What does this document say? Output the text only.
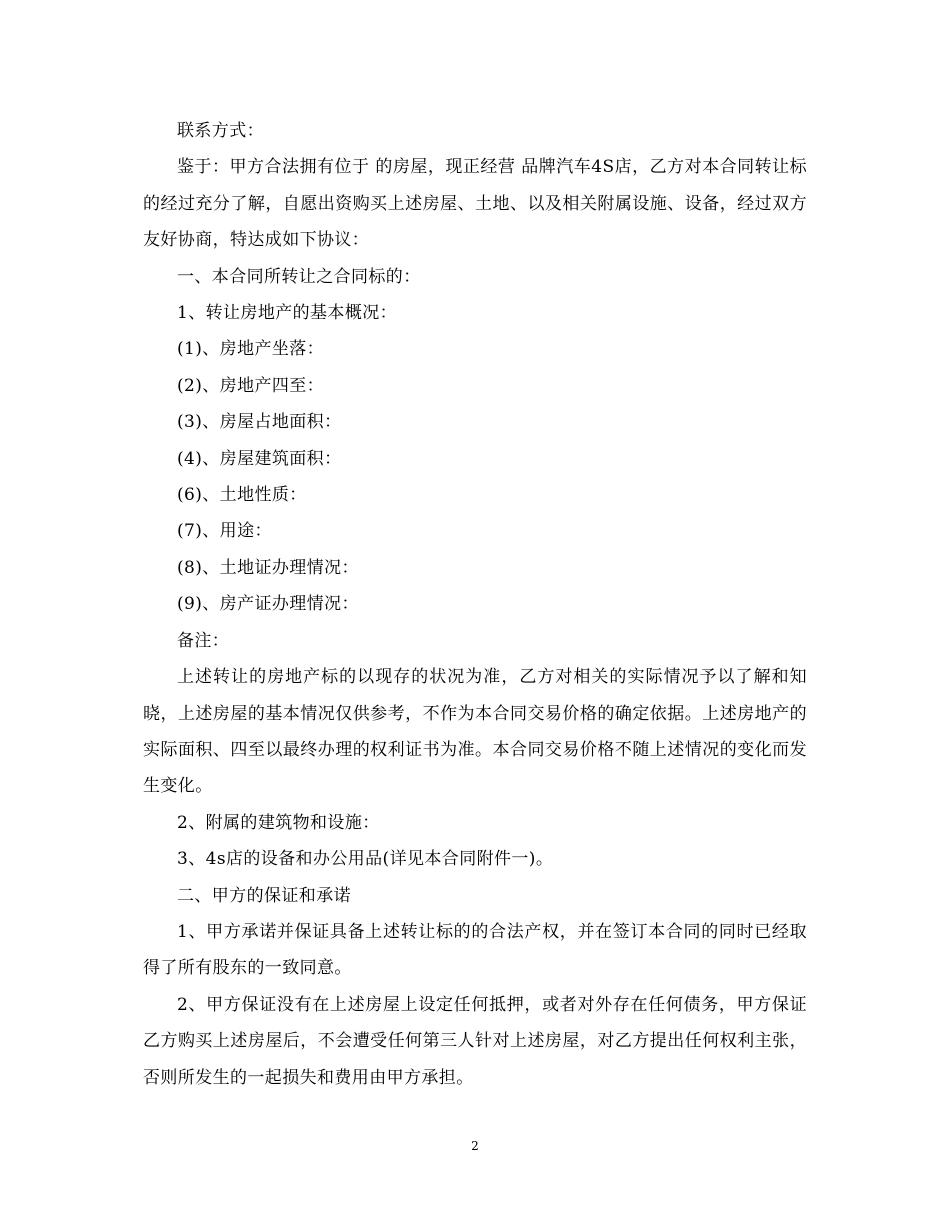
联系方式：

鉴于：甲方合法拥有位于 的房屋，现正经营 品牌汽车4S店，乙方对本合同转让标的经过充分了解，自愿出资购买上述房屋、土地、以及相关附属设施、设备，经过双方友好协商，特达成如下协议：

一、本合同所转让之合同标的：

1、转让房地产的基本概况：

(1)、房地产坐落：

(2)、房地产四至：

(3)、房屋占地面积：

(4)、房屋建筑面积：

(6)、土地性质：

(7)、用途：

(8)、土地证办理情况：

(9)、房产证办理情况：

备注：

上述转让的房地产标的以现存的状况为准，乙方对相关的实际情况予以了解和知晓，上述房屋的基本情况仅供参考，不作为本合同交易价格的确定依据。上述房地产的实际面积、四至以最终办理的权利证书为准。本合同交易价格不随上述情况的变化而发生变化。

2、附属的建筑物和设施：

3、4s店的设备和办公用品(详见本合同附件一)。

二、甲方的保证和承诺

1、甲方承诺并保证具备上述转让标的的合法产权，并在签订本合同的同时已经取得了所有股东的一致同意。

2、甲方保证没有在上述房屋上设定任何抵押，或者对外存在任何债务，甲方保证乙方购买上述房屋后，不会遭受任何第三人针对上述房屋，对乙方提出任何权利主张，否则所发生的一起损失和费用由甲方承担。

2
